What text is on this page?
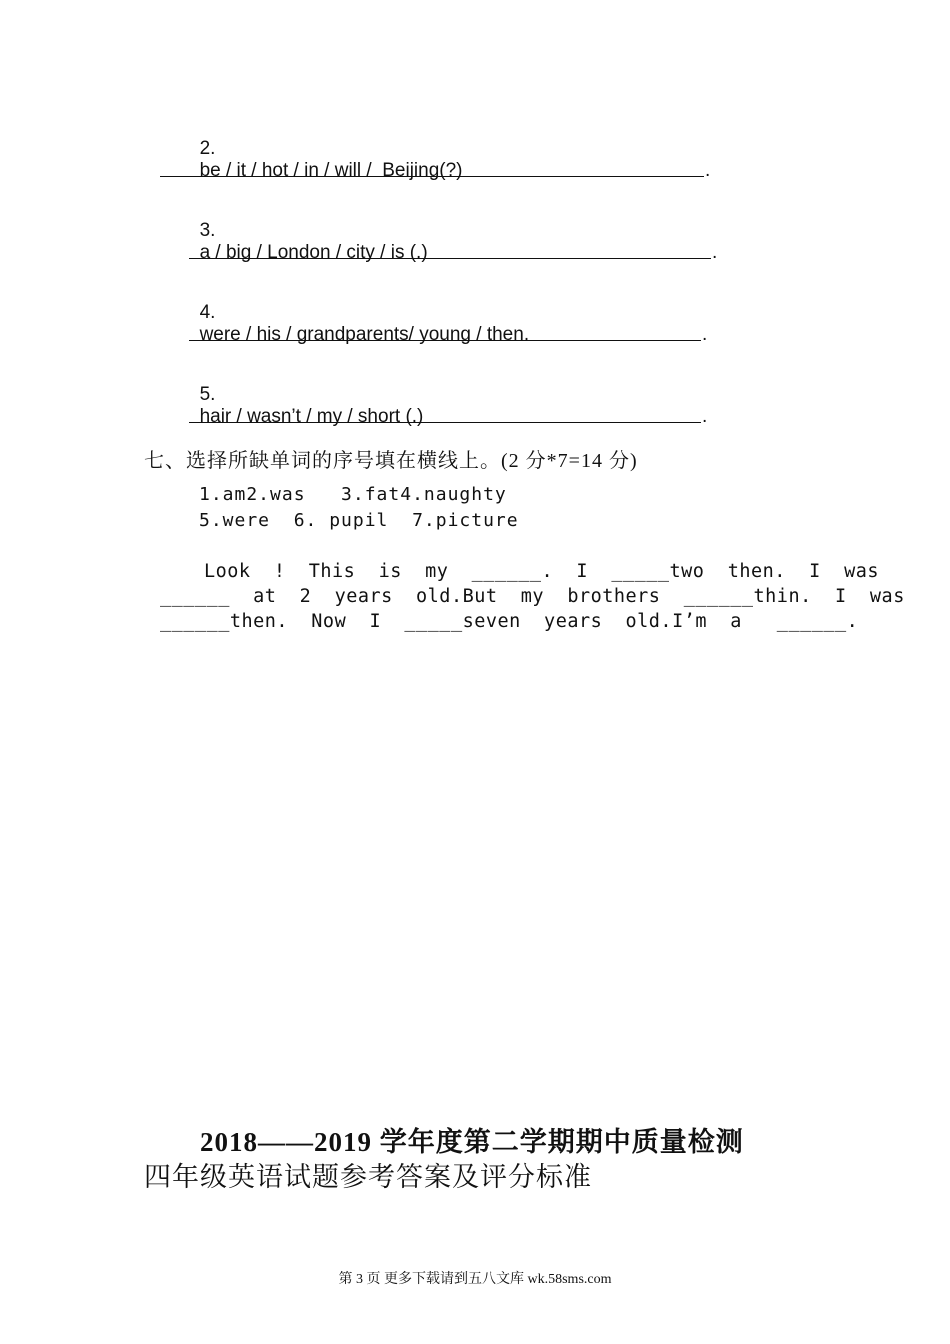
2.
be / it / hot / in / will /  Beijing(?)	.

3.
a / big / London / city / is (.)	.

4.
were / his / grandparents/ young / then.	.

5.
hair / wasn’t / my / short (.)	.
七、选择所缺单词的序号填在横线上。(2 分*7=14 分)
1.am2.was   3.fat4.naughty
5.were  6. pupil  7.picture
Look  !  This  is  my  ______.  I  _____two  then.  I  was
______  at  2  years  old.But  my  brothers  ______thin.  I  was
______then.  Now  I  _____seven  years  old.I’m  a   ______.
2018——2019 学年度第二学期期中质量检测
四年级英语试题参考答案及评分标准
第 3 页 更多下载请到五八文库 wk.58sms.com
